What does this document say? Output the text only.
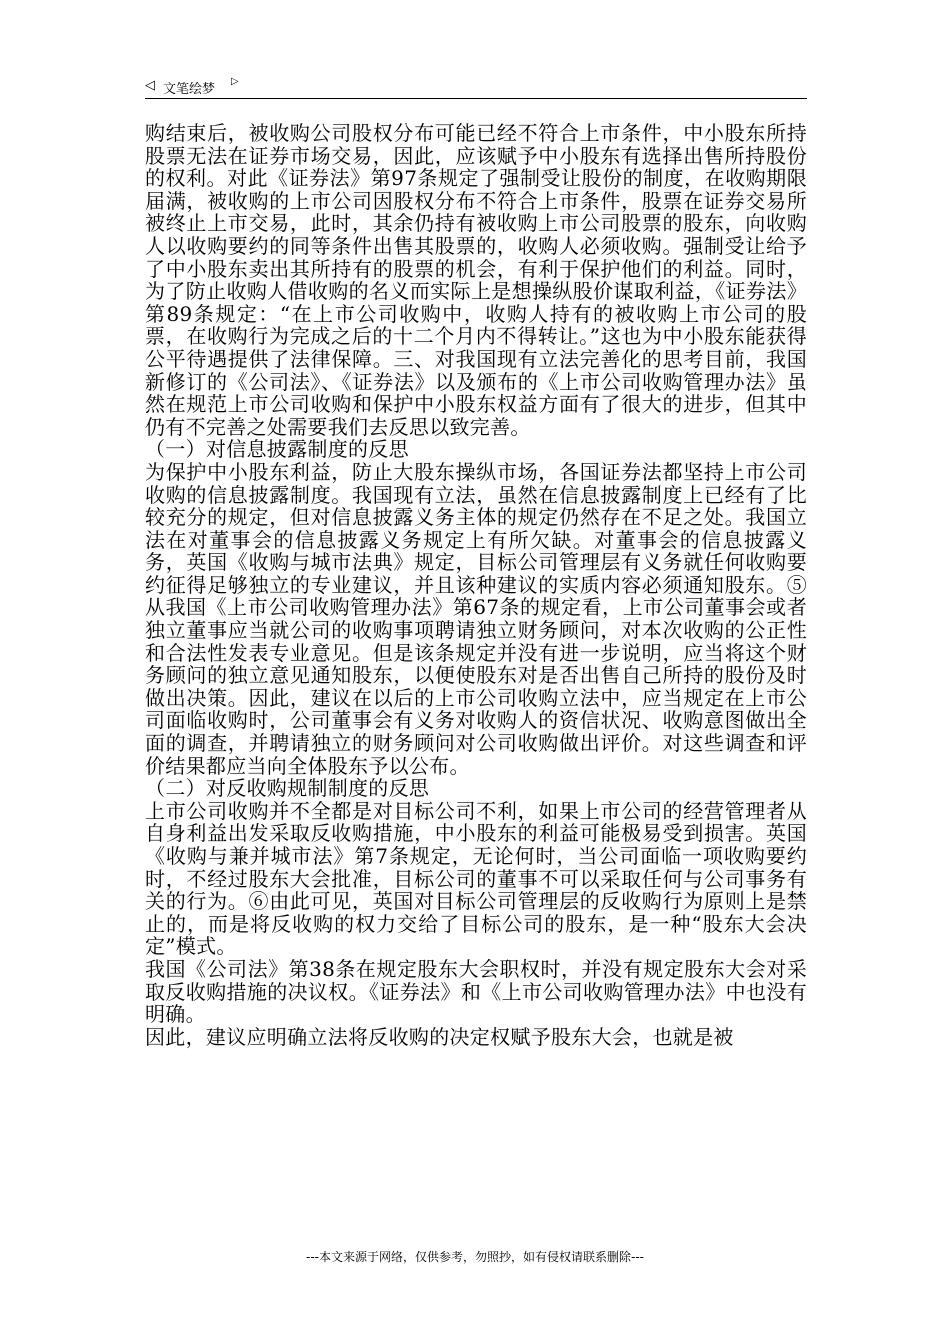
◁ 文笔绘梦
▷

购结束后，被收购公司股权分布可能已经不符合上市条件，中小股东所持股票无法在证券市场交易，因此，应该赋予中小股东有选择出售所持股份的权利。对此《证券法》第97条规定了强制受让股份的制度，在收购期限届满，被收购的上市公司因股权分布不符合上市条件，股票在证券交易所被终止上市交易，此时，其余仍持有被收购上市公司股票的股东，向收购人以收购要约的同等条件出售其股票的，收购人必须收购。强制受让给予了中小股东卖出其所持有的股票的机会，有利于保护他们的利益。同时，为了防止收购人借收购的名义而实际上是想操纵股价谋取利益，《证券法》第89条规定：“在上市公司收购中，收购人持有的被收购上市公司的股票，在收购行为完成之后的十二个月内不得转让。”这也为中小股东能获得公平待遇提供了法律保障。三、对我国现有立法完善化的思考目前，我国新修订的《公司法》、《证券法》以及颁布的《上市公司收购管理办法》虽然在规范上市公司收购和保护中小股东权益方面有了很大的进步，但其中仍有不完善之处需要我们去反思以致完善。

（一）对信息披露制度的反思

为保护中小股东利益，防止大股东操纵市场，各国证券法都坚持上市公司收购的信息披露制度。我国现有立法，虽然在信息披露制度上已经有了比较充分的规定，但对信息披露义务主体的规定仍然存在不足之处。我国立法在对董事会的信息披露义务规定上有所欠缺。对董事会的信息披露义务，英国《收购与城市法典》规定，目标公司管理层有义务就任何收购要约征得足够独立的专业建议，并且该种建议的实质内容必须通知股东。⑤从我国《上市公司收购管理办法》第67条的规定看，上市公司董事会或者独立董事应当就公司的收购事项聘请独立财务顾问，对本次收购的公正性和合法性发表专业意见。但是该条规定并没有进一步说明，应当将这个财务顾问的独立意见通知股东，以便使股东对是否出售自己所持的股份及时做出决策。因此，建议在以后的上市公司收购立法中，应当规定在上市公司面临收购时，公司董事会有义务对收购人的资信状况、收购意图做出全面的调查，并聘请独立的财务顾问对公司收购做出评价。对这些调查和评价结果都应当向全体股东予以公布。

（二）对反收购规制制度的反思

上市公司收购并不全都是对目标公司不利，如果上市公司的经营管理者从自身利益出发采取反收购措施，中小股东的利益可能极易受到损害。英国《收购与兼并城市法》第7条规定，无论何时，当公司面临一项收购要约时，不经过股东大会批准，目标公司的董事不可以采取任何与公司事务有关的行为。⑥由此可见，英国对目标公司管理层的反收购行为原则上是禁止的，而是将反收购的权力交给了目标公司的股东，是一种“股东大会决定”模式。

我国《公司法》第38条在规定股东大会职权时，并没有规定股东大会对采取反收购措施的决议权。《证券法》和《上市公司收购管理办法》中也没有明确。

因此，建议应明确立法将反收购的决定权赋予股东大会，也就是被

---本文来源于网络，仅供参考，勿照抄，如有侵权请联系删除---
